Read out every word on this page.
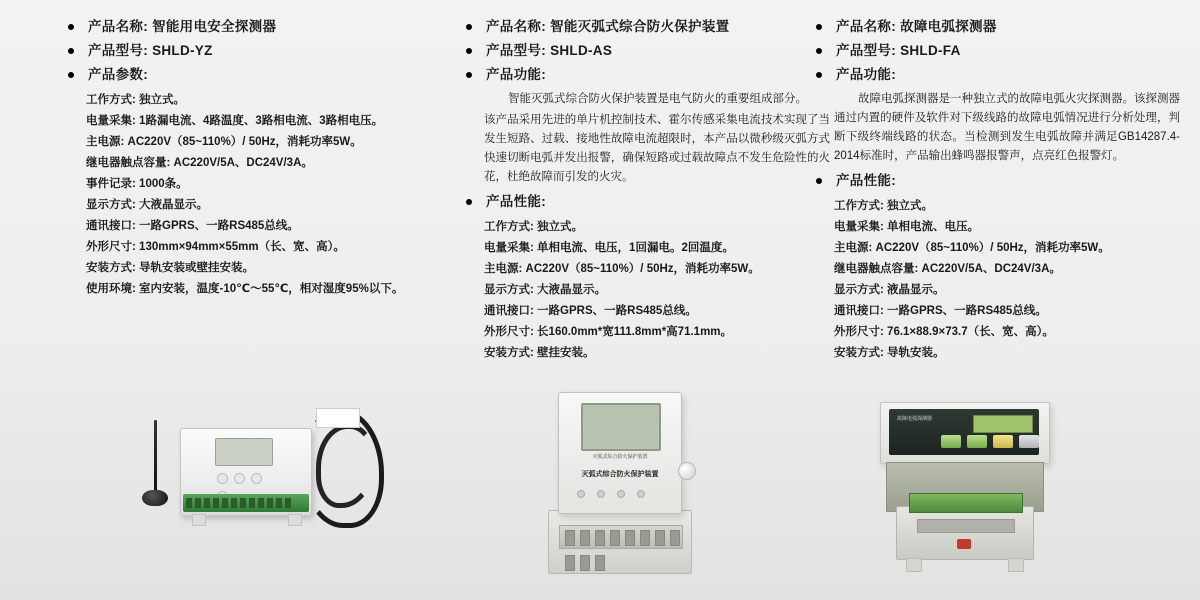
产品名称: 智能用电安全探测器
产品型号: SHLD-YZ
产品参数:
工作方式: 独立式。
电量采集: 1路漏电流、4路温度、3路相电流、3路相电压。
主电源: AC220V（85~110%）/ 50Hz，消耗功率5W。
继电器触点容量: AC220V/5A、DC24V/3A。
事件记录: 1000条。
显示方式: 大液晶显示。
通讯接口: 一路GPRS、一路RS485总线。
外形尺寸: 130mm×94mm×55mm（长、宽、高）。
安装方式: 导轨安装或壁挂安装。
使用环境: 室内安装，温度-10℃～55℃，相对湿度95%以下。
产品名称: 智能灭弧式综合防火保护装置
产品型号: SHLD-AS
产品功能:
智能灭弧式综合防火保护装置是电气防火的重要组成部分。
该产品采用先进的单片机控制技术、霍尔传感采集电流技术实现了当发生短路、过载、接地性故障电流超限时，本产品以微秒级灭弧方式快速切断电弧并发出报警，确保短路或过载故障点不发生危险性的火花，杜绝故障而引发的火灾。
产品性能:
工作方式: 独立式。
电量采集: 单相电流、电压，1回漏电。2回温度。
主电源: AC220V（85~110%）/ 50Hz，消耗功率5W。
显示方式: 大液晶显示。
通讯接口: 一路GPRS、一路RS485总线。
外形尺寸: 长160.0mm*宽111.8mm*高71.1mm。
安装方式: 壁挂安装。
产品名称: 故障电弧探测器
产品型号: SHLD-FA
产品功能:
故障电弧探测器是一种独立式的故障电弧火灾探测器。该探测器通过内置的硬件及软件对下级线路的故障电弧情况进行分析处理，判断下级终端线路的状态。当检测到发生电弧故障并满足GB14287.4-2014标准时，产品输出蜂鸣器报警声，点亮红色报警灯。
产品性能:
工作方式: 独立式。
电量采集: 单相电流、电压。
主电源: AC220V（85~110%）/ 50Hz，消耗功率5W。
继电器触点容量: AC220V/5A、DC24V/3A。
显示方式: 液晶显示。
通讯接口: 一路GPRS、一路RS485总线。
外形尺寸: 76.1×88.9×73.7（长、宽、高）。
安装方式: 导轨安装。
灭弧式综合防火保护装置
灭弧式综合防火保护装置
故障电弧探测器
